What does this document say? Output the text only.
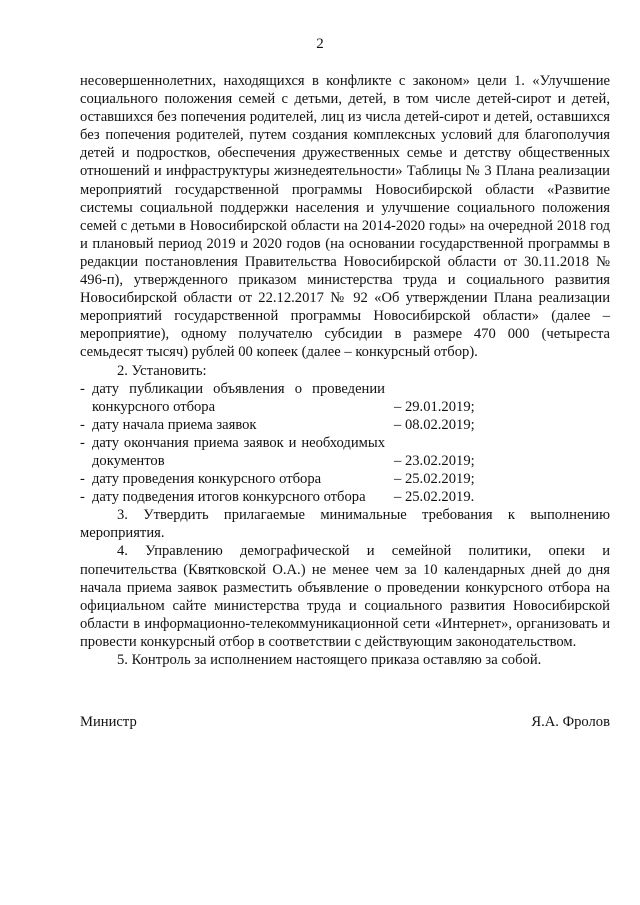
2

несовершеннолетних, находящихся в конфликте с законом» цели 1. «Улучшение социального положения семей с детьми, детей, в том числе детей-сирот и детей, оставшихся без попечения родителей, лиц из числа детей-сирот и детей, оставшихся без попечения родителей, путем создания комплексных условий для благополучия детей и подростков, обеспечения дружественных семье и детству общественных отношений и инфраструктуры жизнедеятельности» Таблицы № 3 Плана реализации мероприятий государственной программы Новосибирской области «Развитие системы социальной поддержки населения и улучшение социального положения семей с детьми в Новосибирской области на 2014-2020 годы» на очередной 2018 год и плановый период 2019 и 2020 годов (на основании государственной программы в редакции постановления Правительства Новосибирской области от 30.11.2018 № 496-п), утвержденного приказом министерства труда и социального развития Новосибирской области от 22.12.2017 № 92 «Об утверждении Плана реализации мероприятий государственной программы Новосибирской области» (далее – мероприятие), одному получателю субсидии в размере 470 000 (четыреста семьдесят тысяч) рублей 00 копеек (далее – конкурсный отбор).

2. Установить:

- дату публикации объявления о проведении конкурсного отбора	– 29.01.2019;
- дату начала приема заявок	– 08.02.2019;
- дату окончания приема заявок и необходимых документов	– 23.02.2019;
- дату проведения конкурсного отбора	– 25.02.2019;
- дату подведения итогов конкурсного отбора	– 25.02.2019.

3. Утвердить прилагаемые минимальные требования к выполнению мероприятия.

4. Управлению демографической и семейной политики, опеки и попечительства (Квятковской О.А.) не менее чем за 10 календарных дней до дня начала приема заявок разместить объявление о проведении конкурсного отбора на официальном сайте министерства труда и социального развития Новосибирской области в информационно-телекоммуникационной сети «Интернет», организовать и провести конкурсный отбор в соответствии с действующим законодательством.

5. Контроль за исполнением настоящего приказа оставляю за собой.

Министр	Я.А. Фролов
